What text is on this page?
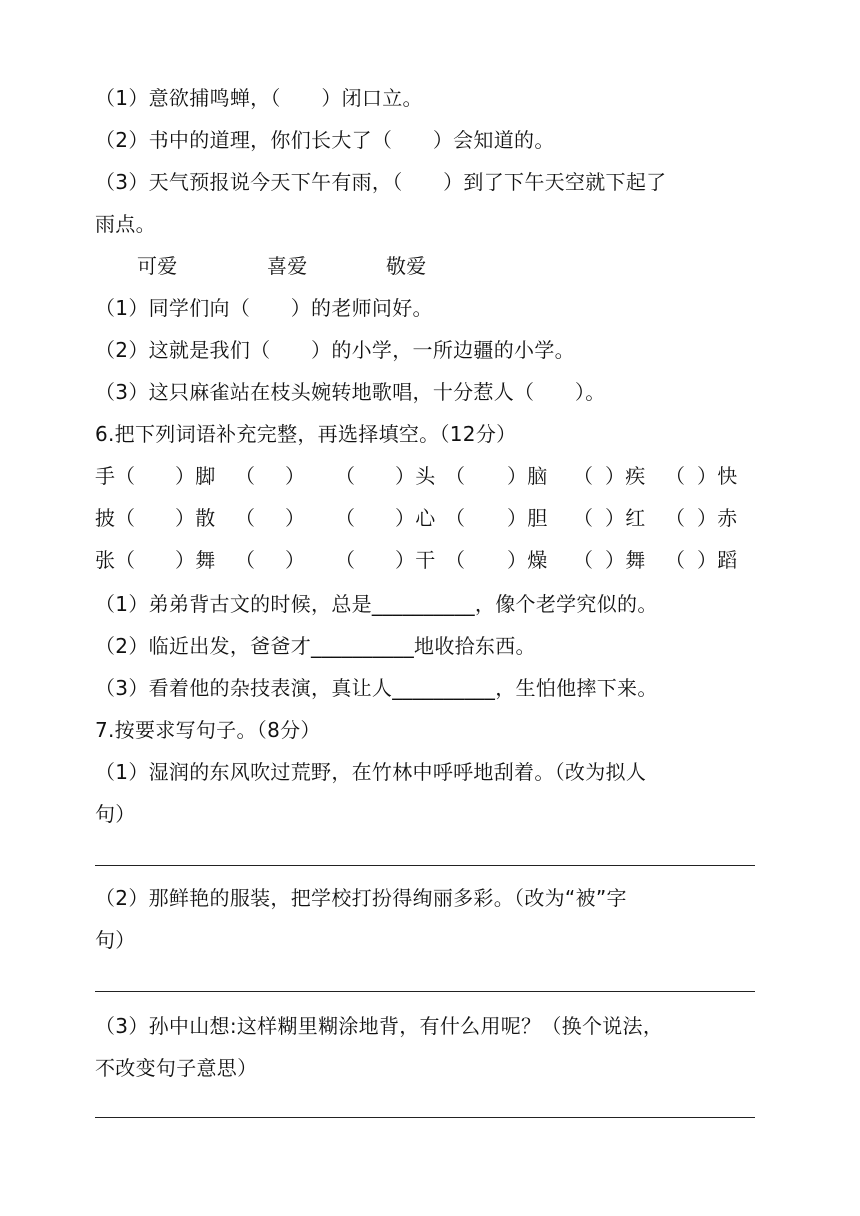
（1）意欲捕鸣蝉，（　　）闭口立。
（2）书中的道理，你们长大了（　　）会知道的。
（3）天气预报说今天下午有雨，（　　）到了下午天空就下起了
雨点。

可爱

	喜爱

	敬爱

（1）同学们向（　　）的老师问好。
（2）这就是我们（　　）的小学，一所边疆的小学。
（3）这只麻雀站在枝头婉转地歌唱，十分惹人（　　）。
6.把下列词语补充完整，再选择填空。（12分）

手

（

）脚

（

）

（

）头

（

）脑

（

）疾

（

）快

披

（

）散

（

）

（

）心

（

）胆

（

）红

（

）赤

张

（

）舞

（

）

（

）干

（

）燥

（

）舞

（

）蹈

（1）弟弟背古文的时候，总是__________，像个老学究似的。
（2）临近出发，爸爸才__________地收拾东西。
（3）看着他的杂技表演，真让人__________，生怕他摔下来。
7.按要求写句子。（8分）
（1）湿润的东风吹过荒野，在竹林中呼呼地刮着。（改为拟人
句）
（2）那鲜艳的服装，把学校打扮得绚丽多彩。（改为“被”字
句）
（3）孙中山想:这样糊里糊涂地背，有什么用呢？（换个说法，
不改变句子意思）
